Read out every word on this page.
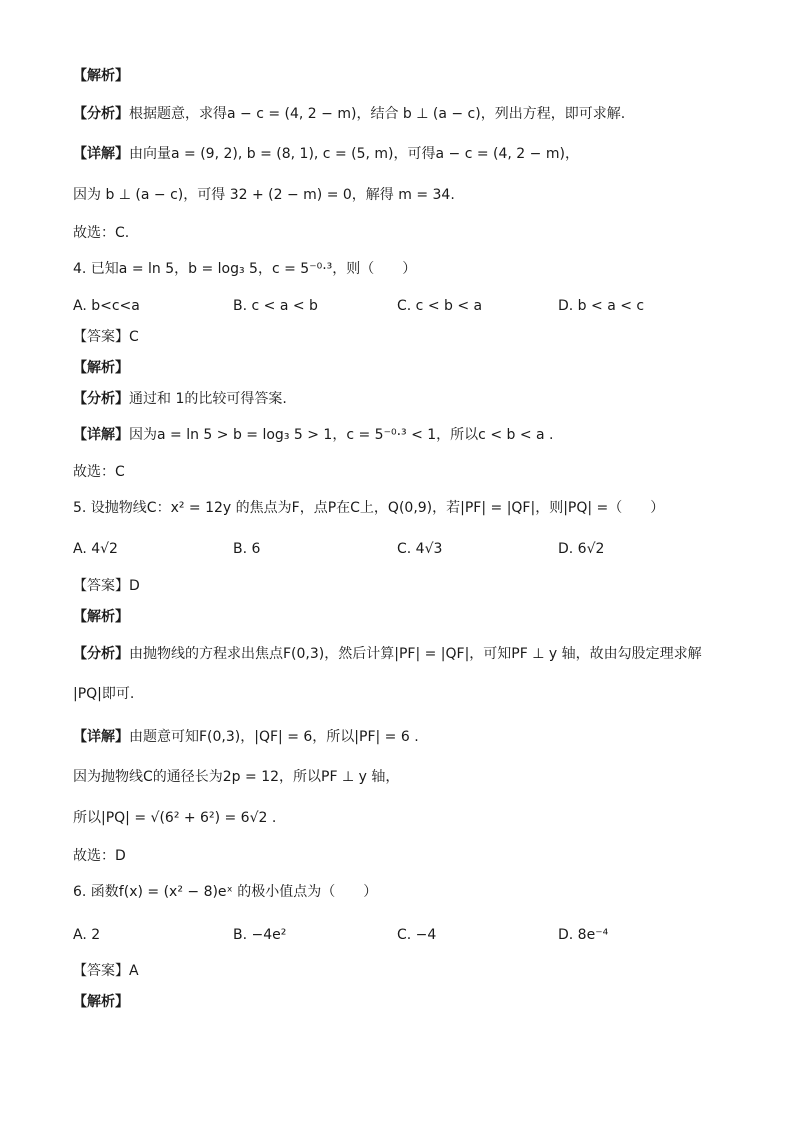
【解析】
【分析】根据题意，求得a − c = (4, 2 − m)，结合 b ⊥ (a − c)，列出方程，即可求解.
【详解】由向量a = (9, 2), b = (8, 1), c = (5, m)，可得a − c = (4, 2 − m)，
因为 b ⊥ (a − c)，可得 32 + (2 − m) = 0，解得 m = 34.
故选：C.
4. 已知a = ln 5，b = log₃ 5，c = 5⁻⁰·³，则（　　）
A. b<c<a	B. c < a < b	C. c < b < a	D. b < a < c
【答案】C
【解析】
【分析】通过和 1的比较可得答案.
【详解】因为a = ln 5 > b = log₃ 5 > 1，c = 5⁻⁰·³ < 1，所以c < b < a .
故选：C
5. 设抛物线C：x² = 12y 的焦点为F，点P在C上，Q(0,9)，若|PF| = |QF|，则|PQ| =（　　）
A. 4√2	B. 6	C. 4√3	D. 6√2
【答案】D
【解析】
【分析】由抛物线的方程求出焦点F(0,3)，然后计算|PF| = |QF|，可知PF ⊥ y 轴，故由勾股定理求解
|PQ|即可.
【详解】由题意可知F(0,3)，|QF| = 6，所以|PF| = 6 .
因为抛物线C的通径长为2p = 12，所以PF ⊥ y 轴，
所以|PQ| = √(6² + 6²) = 6√2 .
故选：D
6. 函数f(x) = (x² − 8)eˣ 的极小值点为（　　）
A. 2	B. −4e²	C. −4	D. 8e⁻⁴
【答案】A
【解析】
